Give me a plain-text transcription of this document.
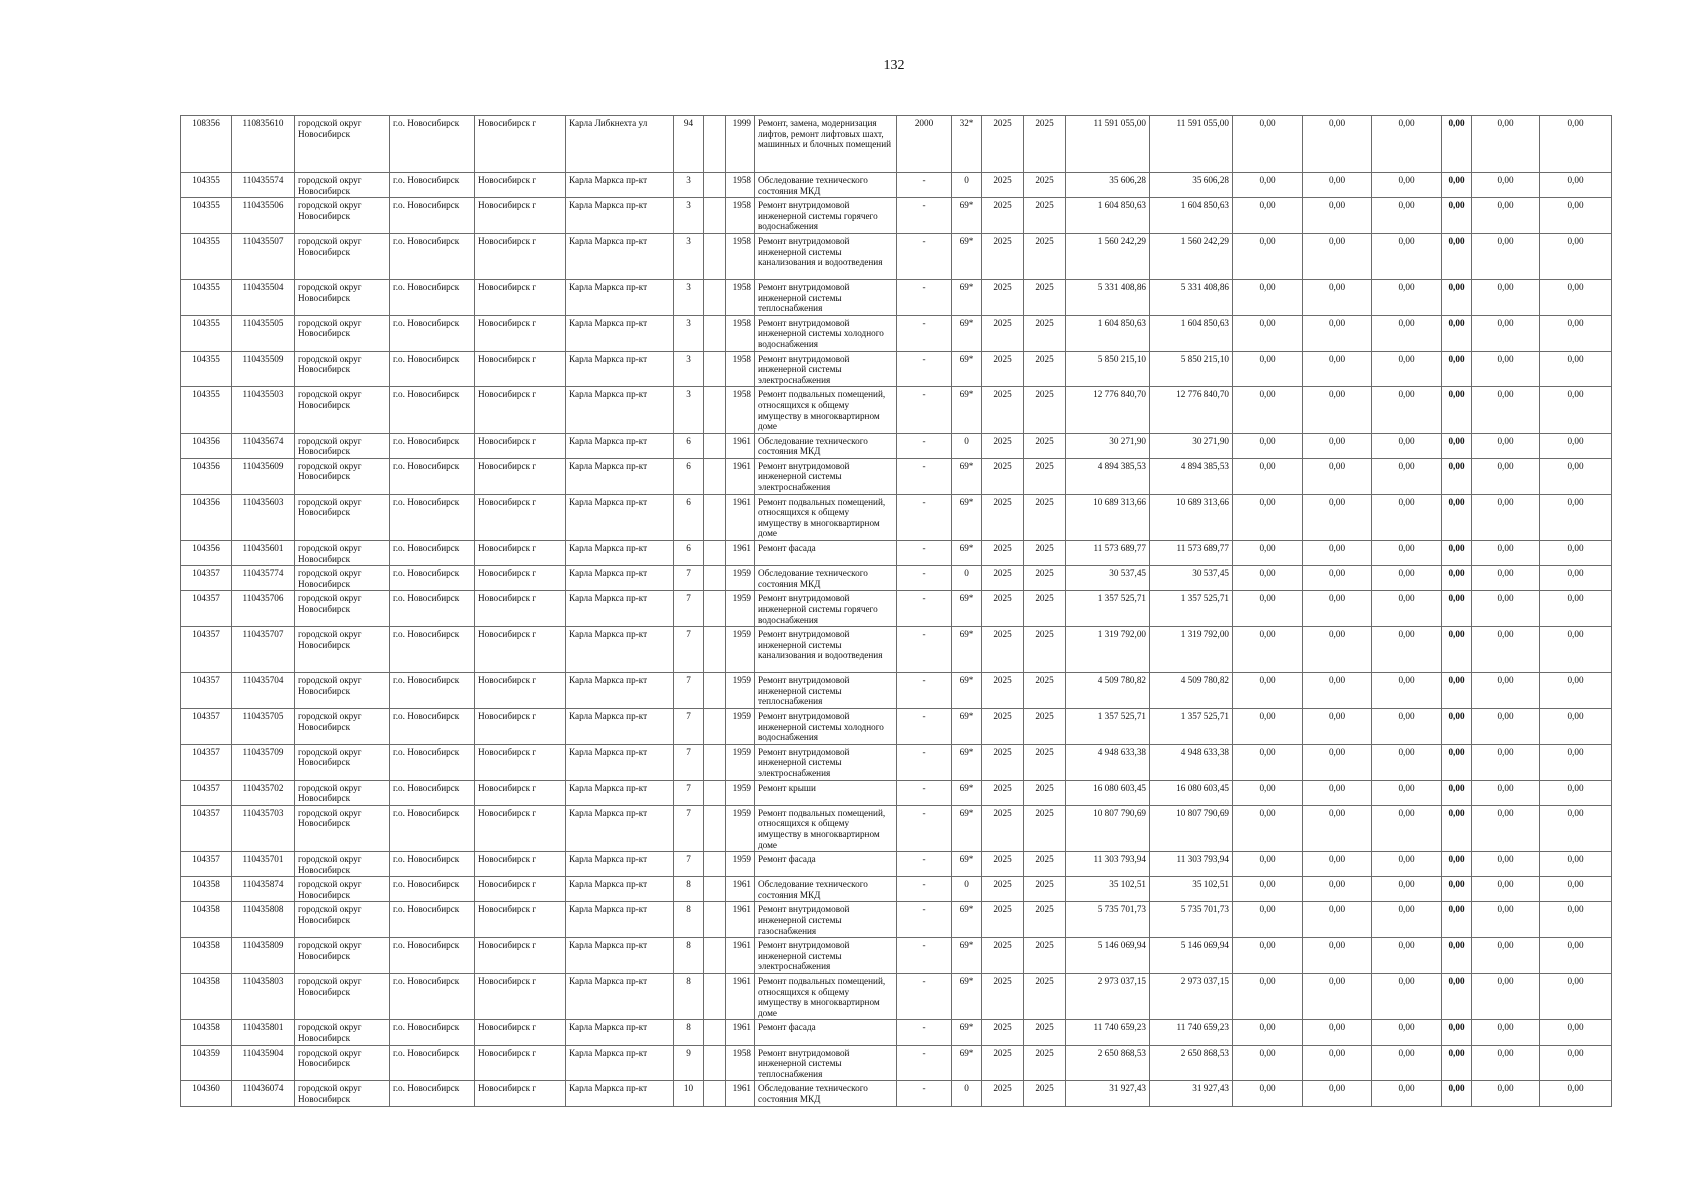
132
108356	110835610	городской округ Новосибирск	г.о. Новосибирск	Новосибирск г	Карла Либкнехта ул	94		1999	Ремонт, замена, модернизация лифтов, ремонт лифтовых шахт, машинных и блочных помещений	2000	32*	2025	2025	11 591 055,00	11 591 055,00	0,00	0,00	0,00	0,00	0,00	0,00
104355	110435574	городской округ Новосибирск	г.о. Новосибирск	Новосибирск г	Карла Маркса пр-кт	3		1958	Обследование технического состояния МКД	-	0	2025	2025	35 606,28	35 606,28	0,00	0,00	0,00	0,00	0,00	0,00
104355	110435506	городской округ Новосибирск	г.о. Новосибирск	Новосибирск г	Карла Маркса пр-кт	3		1958	Ремонт внутридомовой инженерной системы горячего водоснабжения	-	69*	2025	2025	1 604 850,63	1 604 850,63	0,00	0,00	0,00	0,00	0,00	0,00
104355	110435507	городской округ Новосибирск	г.о. Новосибирск	Новосибирск г	Карла Маркса пр-кт	3		1958	Ремонт внутридомовой инженерной системы канализования и водоотведения	-	69*	2025	2025	1 560 242,29	1 560 242,29	0,00	0,00	0,00	0,00	0,00	0,00
104355	110435504	городской округ Новосибирск	г.о. Новосибирск	Новосибирск г	Карла Маркса пр-кт	3		1958	Ремонт внутридомовой инженерной системы теплоснабжения	-	69*	2025	2025	5 331 408,86	5 331 408,86	0,00	0,00	0,00	0,00	0,00	0,00
104355	110435505	городской округ Новосибирск	г.о. Новосибирск	Новосибирск г	Карла Маркса пр-кт	3		1958	Ремонт внутридомовой инженерной системы холодного водоснабжения	-	69*	2025	2025	1 604 850,63	1 604 850,63	0,00	0,00	0,00	0,00	0,00	0,00
104355	110435509	городской округ Новосибирск	г.о. Новосибирск	Новосибирск г	Карла Маркса пр-кт	3		1958	Ремонт внутридомовой инженерной системы электроснабжения	-	69*	2025	2025	5 850 215,10	5 850 215,10	0,00	0,00	0,00	0,00	0,00	0,00
104355	110435503	городской округ Новосибирск	г.о. Новосибирск	Новосибирск г	Карла Маркса пр-кт	3		1958	Ремонт подвальных помещений, относящихся к общему имуществу в многоквартирном доме	-	69*	2025	2025	12 776 840,70	12 776 840,70	0,00	0,00	0,00	0,00	0,00	0,00
104356	110435674	городской округ Новосибирск	г.о. Новосибирск	Новосибирск г	Карла Маркса пр-кт	6		1961	Обследование технического состояния МКД	-	0	2025	2025	30 271,90	30 271,90	0,00	0,00	0,00	0,00	0,00	0,00
104356	110435609	городской округ Новосибирск	г.о. Новосибирск	Новосибирск г	Карла Маркса пр-кт	6		1961	Ремонт внутридомовой инженерной системы электроснабжения	-	69*	2025	2025	4 894 385,53	4 894 385,53	0,00	0,00	0,00	0,00	0,00	0,00
104356	110435603	городской округ Новосибирск	г.о. Новосибирск	Новосибирск г	Карла Маркса пр-кт	6		1961	Ремонт подвальных помещений, относящихся к общему имуществу в многоквартирном доме	-	69*	2025	2025	10 689 313,66	10 689 313,66	0,00	0,00	0,00	0,00	0,00	0,00
104356	110435601	городской округ Новосибирск	г.о. Новосибирск	Новосибирск г	Карла Маркса пр-кт	6		1961	Ремонт фасада	-	69*	2025	2025	11 573 689,77	11 573 689,77	0,00	0,00	0,00	0,00	0,00	0,00
104357	110435774	городской округ Новосибирск	г.о. Новосибирск	Новосибирск г	Карла Маркса пр-кт	7		1959	Обследование технического состояния МКД	-	0	2025	2025	30 537,45	30 537,45	0,00	0,00	0,00	0,00	0,00	0,00
104357	110435706	городской округ Новосибирск	г.о. Новосибирск	Новосибирск г	Карла Маркса пр-кт	7		1959	Ремонт внутридомовой инженерной системы горячего водоснабжения	-	69*	2025	2025	1 357 525,71	1 357 525,71	0,00	0,00	0,00	0,00	0,00	0,00
104357	110435707	городской округ Новосибирск	г.о. Новосибирск	Новосибирск г	Карла Маркса пр-кт	7		1959	Ремонт внутридомовой инженерной системы канализования и водоотведения	-	69*	2025	2025	1 319 792,00	1 319 792,00	0,00	0,00	0,00	0,00	0,00	0,00
104357	110435704	городской округ Новосибирск	г.о. Новосибирск	Новосибирск г	Карла Маркса пр-кт	7		1959	Ремонт внутридомовой инженерной системы теплоснабжения	-	69*	2025	2025	4 509 780,82	4 509 780,82	0,00	0,00	0,00	0,00	0,00	0,00
104357	110435705	городской округ Новосибирск	г.о. Новосибирск	Новосибирск г	Карла Маркса пр-кт	7		1959	Ремонт внутридомовой инженерной системы холодного водоснабжения	-	69*	2025	2025	1 357 525,71	1 357 525,71	0,00	0,00	0,00	0,00	0,00	0,00
104357	110435709	городской округ Новосибирск	г.о. Новосибирск	Новосибирск г	Карла Маркса пр-кт	7		1959	Ремонт внутридомовой инженерной системы электроснабжения	-	69*	2025	2025	4 948 633,38	4 948 633,38	0,00	0,00	0,00	0,00	0,00	0,00
104357	110435702	городской округ Новосибирск	г.о. Новосибирск	Новосибирск г	Карла Маркса пр-кт	7		1959	Ремонт крыши	-	69*	2025	2025	16 080 603,45	16 080 603,45	0,00	0,00	0,00	0,00	0,00	0,00
104357	110435703	городской округ Новосибирск	г.о. Новосибирск	Новосибирск г	Карла Маркса пр-кт	7		1959	Ремонт подвальных помещений, относящихся к общему имуществу в многоквартирном доме	-	69*	2025	2025	10 807 790,69	10 807 790,69	0,00	0,00	0,00	0,00	0,00	0,00
104357	110435701	городской округ Новосибирск	г.о. Новосибирск	Новосибирск г	Карла Маркса пр-кт	7		1959	Ремонт фасада	-	69*	2025	2025	11 303 793,94	11 303 793,94	0,00	0,00	0,00	0,00	0,00	0,00
104358	110435874	городской округ Новосибирск	г.о. Новосибирск	Новосибирск г	Карла Маркса пр-кт	8		1961	Обследование технического состояния МКД	-	0	2025	2025	35 102,51	35 102,51	0,00	0,00	0,00	0,00	0,00	0,00
104358	110435808	городской округ Новосибирск	г.о. Новосибирск	Новосибирск г	Карла Маркса пр-кт	8		1961	Ремонт внутридомовой инженерной системы газоснабжения	-	69*	2025	2025	5 735 701,73	5 735 701,73	0,00	0,00	0,00	0,00	0,00	0,00
104358	110435809	городской округ Новосибирск	г.о. Новосибирск	Новосибирск г	Карла Маркса пр-кт	8		1961	Ремонт внутридомовой инженерной системы электроснабжения	-	69*	2025	2025	5 146 069,94	5 146 069,94	0,00	0,00	0,00	0,00	0,00	0,00
104358	110435803	городской округ Новосибирск	г.о. Новосибирск	Новосибирск г	Карла Маркса пр-кт	8		1961	Ремонт подвальных помещений, относящихся к общему имуществу в многоквартирном доме	-	69*	2025	2025	2 973 037,15	2 973 037,15	0,00	0,00	0,00	0,00	0,00	0,00
104358	110435801	городской округ Новосибирск	г.о. Новосибирск	Новосибирск г	Карла Маркса пр-кт	8		1961	Ремонт фасада	-	69*	2025	2025	11 740 659,23	11 740 659,23	0,00	0,00	0,00	0,00	0,00	0,00
104359	110435904	городской округ Новосибирск	г.о. Новосибирск	Новосибирск г	Карла Маркса пр-кт	9		1958	Ремонт внутридомовой инженерной системы теплоснабжения	-	69*	2025	2025	2 650 868,53	2 650 868,53	0,00	0,00	0,00	0,00	0,00	0,00
104360	110436074	городской округ Новосибирск	г.о. Новосибирск	Новосибирск г	Карла Маркса пр-кт	10		1961	Обследование технического состояния МКД	-	0	2025	2025	31 927,43	31 927,43	0,00	0,00	0,00	0,00	0,00	0,00
